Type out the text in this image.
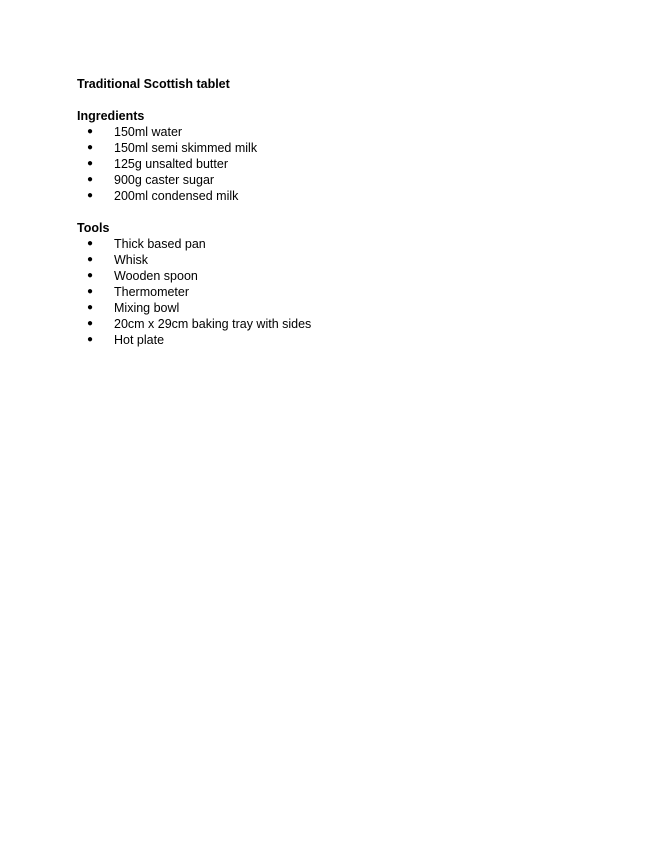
Traditional Scottish tablet

Ingredients

●	150ml water
●	150ml semi skimmed milk
●	125g unsalted butter
●	900g caster sugar
●	200ml condensed milk

Tools

●	Thick based pan
●	Whisk
●	Wooden spoon
●	Thermometer
●	Mixing bowl
●	20cm x 29cm baking tray with sides
●	Hot plate
